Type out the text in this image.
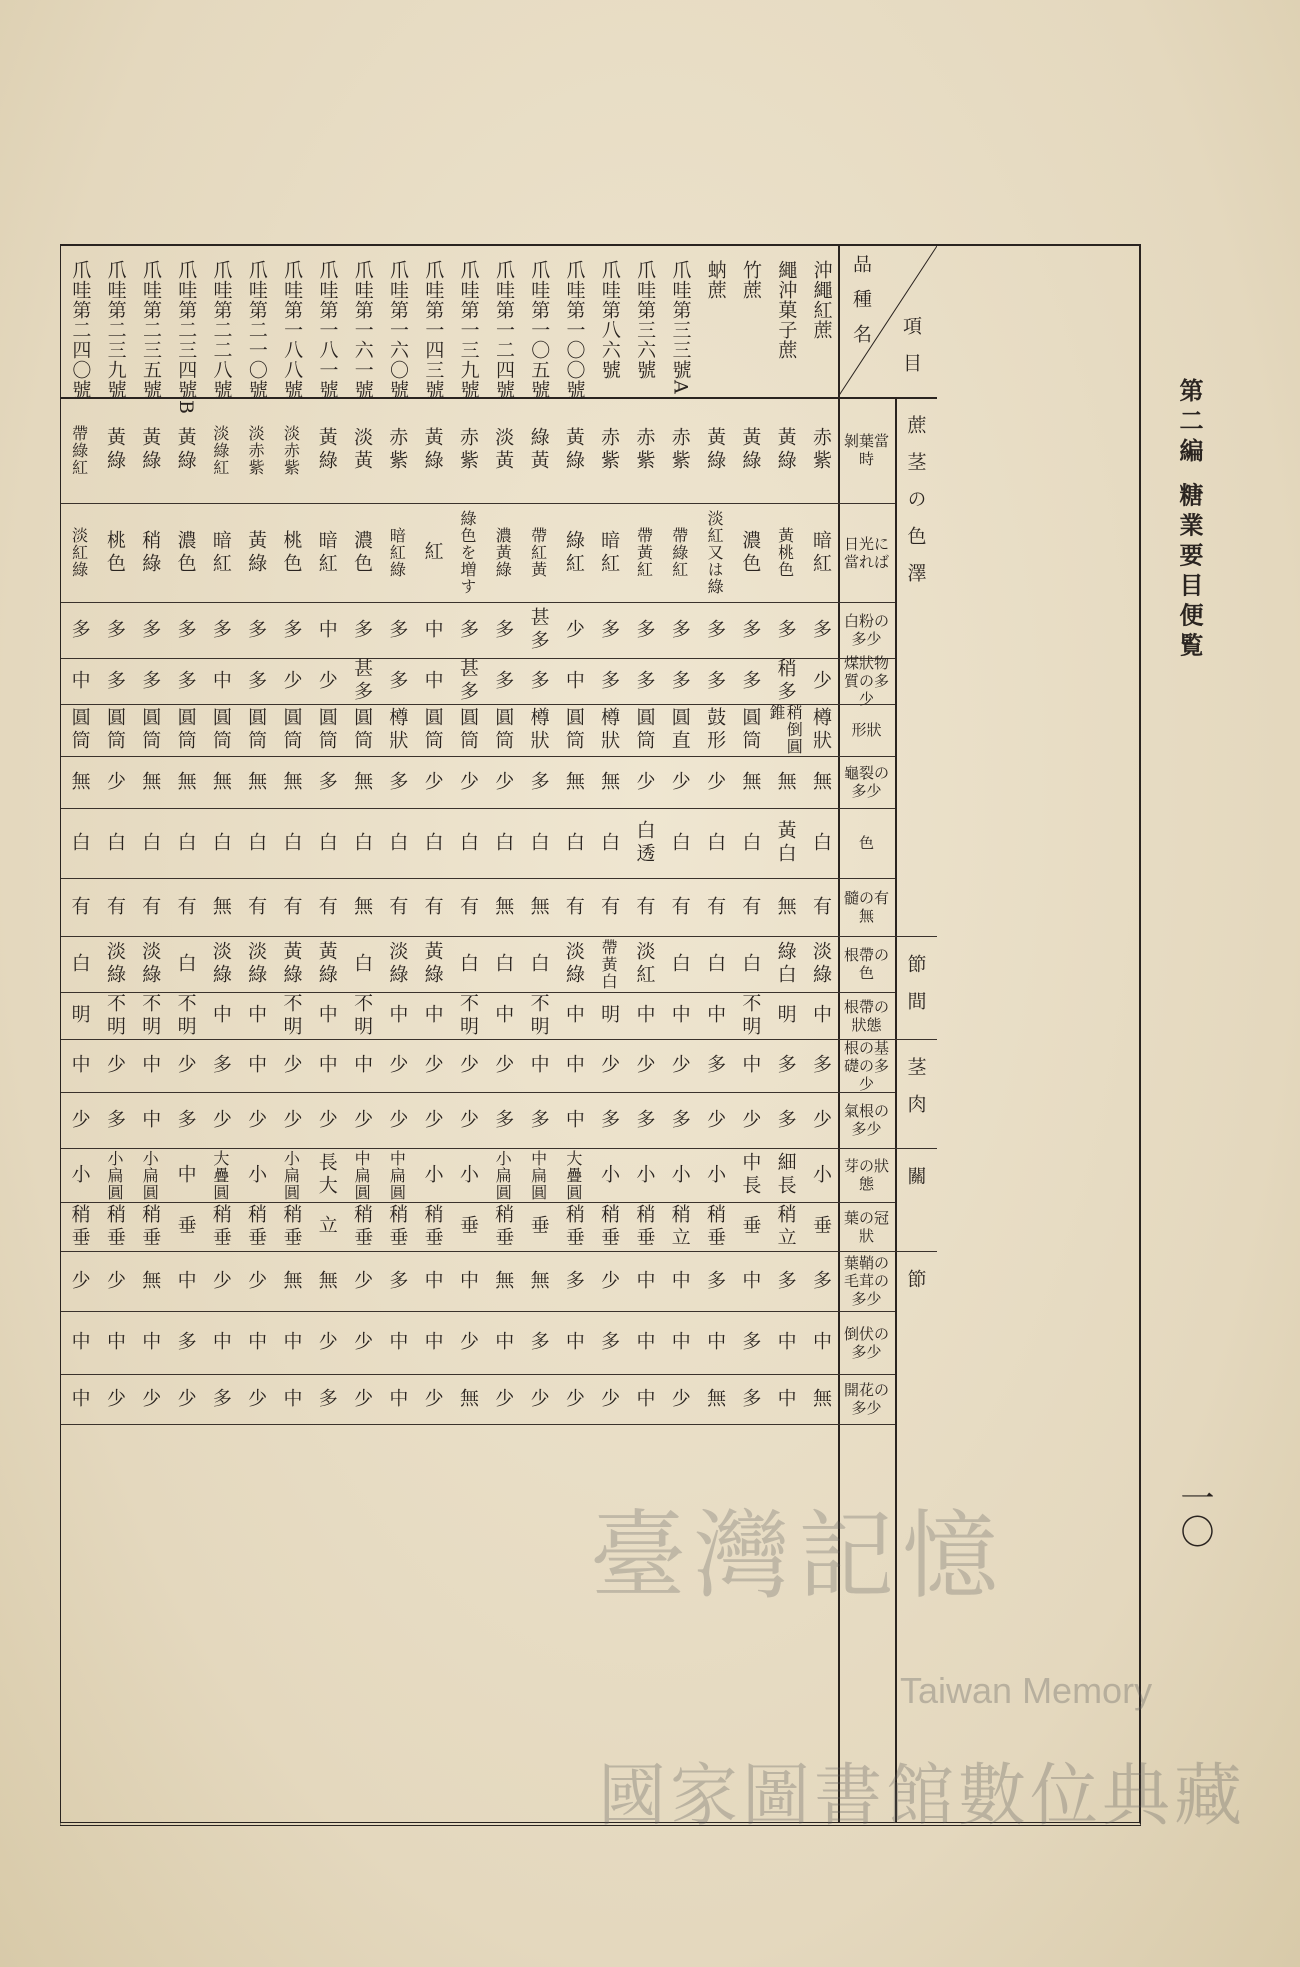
第二編 糖業要目便覧
一〇
品種名 項目
沖繩紅蔗
赤紫
暗紅
多
少
樽狀
無
白
有
淡綠
中
多
少
小
垂
多
中
無
繩沖菓子蔗
黃綠
黃桃色
多
稍多
稍倒圓錐
無
黃白
無
綠白
明
多
多
細長
稍立
多
中
中
竹蔗
黃綠
濃色
多
多
圓筒
無
白
有
白
不明
中
少
中長
垂
中
多
多
蚋蔗
黃綠
淡紅又は綠
多
多
鼓形
少
白
有
白
中
多
少
小
稍垂
多
中
無
爪哇第三三號A
赤紫
帶綠紅
多
多
圓直
少
白
有
白
中
少
多
小
稍立
中
中
少
爪哇第三六號
赤紫
帶黃紅
多
多
圓筒
少
白透
有
淡紅
中
少
多
小
稍垂
中
中
中
爪哇第八六號
赤紫
暗紅
多
多
樽狀
無
白
有
帶黃白
明
少
多
小
稍垂
少
多
少
爪哇第一〇〇號
黃綠
綠紅
少
中
圓筒
無
白
有
淡綠
中
中
中
大疊圓
稍垂
多
中
少
爪哇第一〇五號
綠黃
帶紅黃
甚多
多
樽狀
多
白
無
白
不明
中
多
中扁圓
垂
無
多
少
爪哇第一二四號
淡黃
濃黃綠
多
多
圓筒
少
白
無
白
中
少
多
小扁圓
稍垂
無
中
少
爪哇第一三九號
赤紫
綠色を増す
多
甚多
圓筒
少
白
有
白
不明
少
少
小
垂
中
少
無
爪哇第一四三號
黃綠
紅
中
中
圓筒
少
白
有
黃綠
中
少
少
小
稍垂
中
中
少
爪哇第一六〇號
赤紫
暗紅綠
多
多
樽狀
多
白
有
淡綠
中
少
少
中扁圓
稍垂
多
中
中
爪哇第一六一號
淡黃
濃色
多
甚多
圓筒
無
白
無
白
不明
中
少
中扁圓
稍垂
少
少
少
爪哇第一八一號
黃綠
暗紅
中
少
圓筒
多
白
有
黃綠
中
中
少
長大
立
無
少
多
爪哇第一八八號
淡赤紫
桃色
多
少
圓筒
無
白
有
黃綠
不明
少
少
小扁圓
稍垂
無
中
中
爪哇第二一〇號
淡赤紫
黃綠
多
多
圓筒
無
白
有
淡綠
中
中
少
小
稍垂
少
中
少
爪哇第二二八號
淡綠紅
暗紅
多
中
圓筒
無
白
無
淡綠
中
多
少
大疊圓
稍垂
少
中
多
爪哇第二三四號B
黃綠
濃色
多
多
圓筒
無
白
有
白
不明
少
多
中
垂
中
多
少
爪哇第二三五號
黃綠
稍綠
多
多
圓筒
無
白
有
淡綠
不明
中
中
小扁圓
稍垂
無
中
少
爪哇第二三九號
黃綠
桃色
多
多
圓筒
少
白
有
淡綠
不明
少
多
小扁圓
稍垂
少
中
少
爪哇第二四〇號
帶綠紅
淡紅綠
多
中
圓筒
無
白
有
白
明
中
少
小
稍垂
少
中
中
剝葉當時
日光に當れば
白粉の多少
煤狀物質の多少
形狀
龜裂の多少
色
髓の有無
根帶の色
根帶の狀態
根の基礎の多少
氣根の多少
芽の狀態
葉の冠狀
葉鞘の毛茸の多少
倒伏の多少
開花の多少
蔗茎の色澤
節間
茎肉
關
節
臺灣記憶
Taiwan Memory
國家圖書館數位典藏
